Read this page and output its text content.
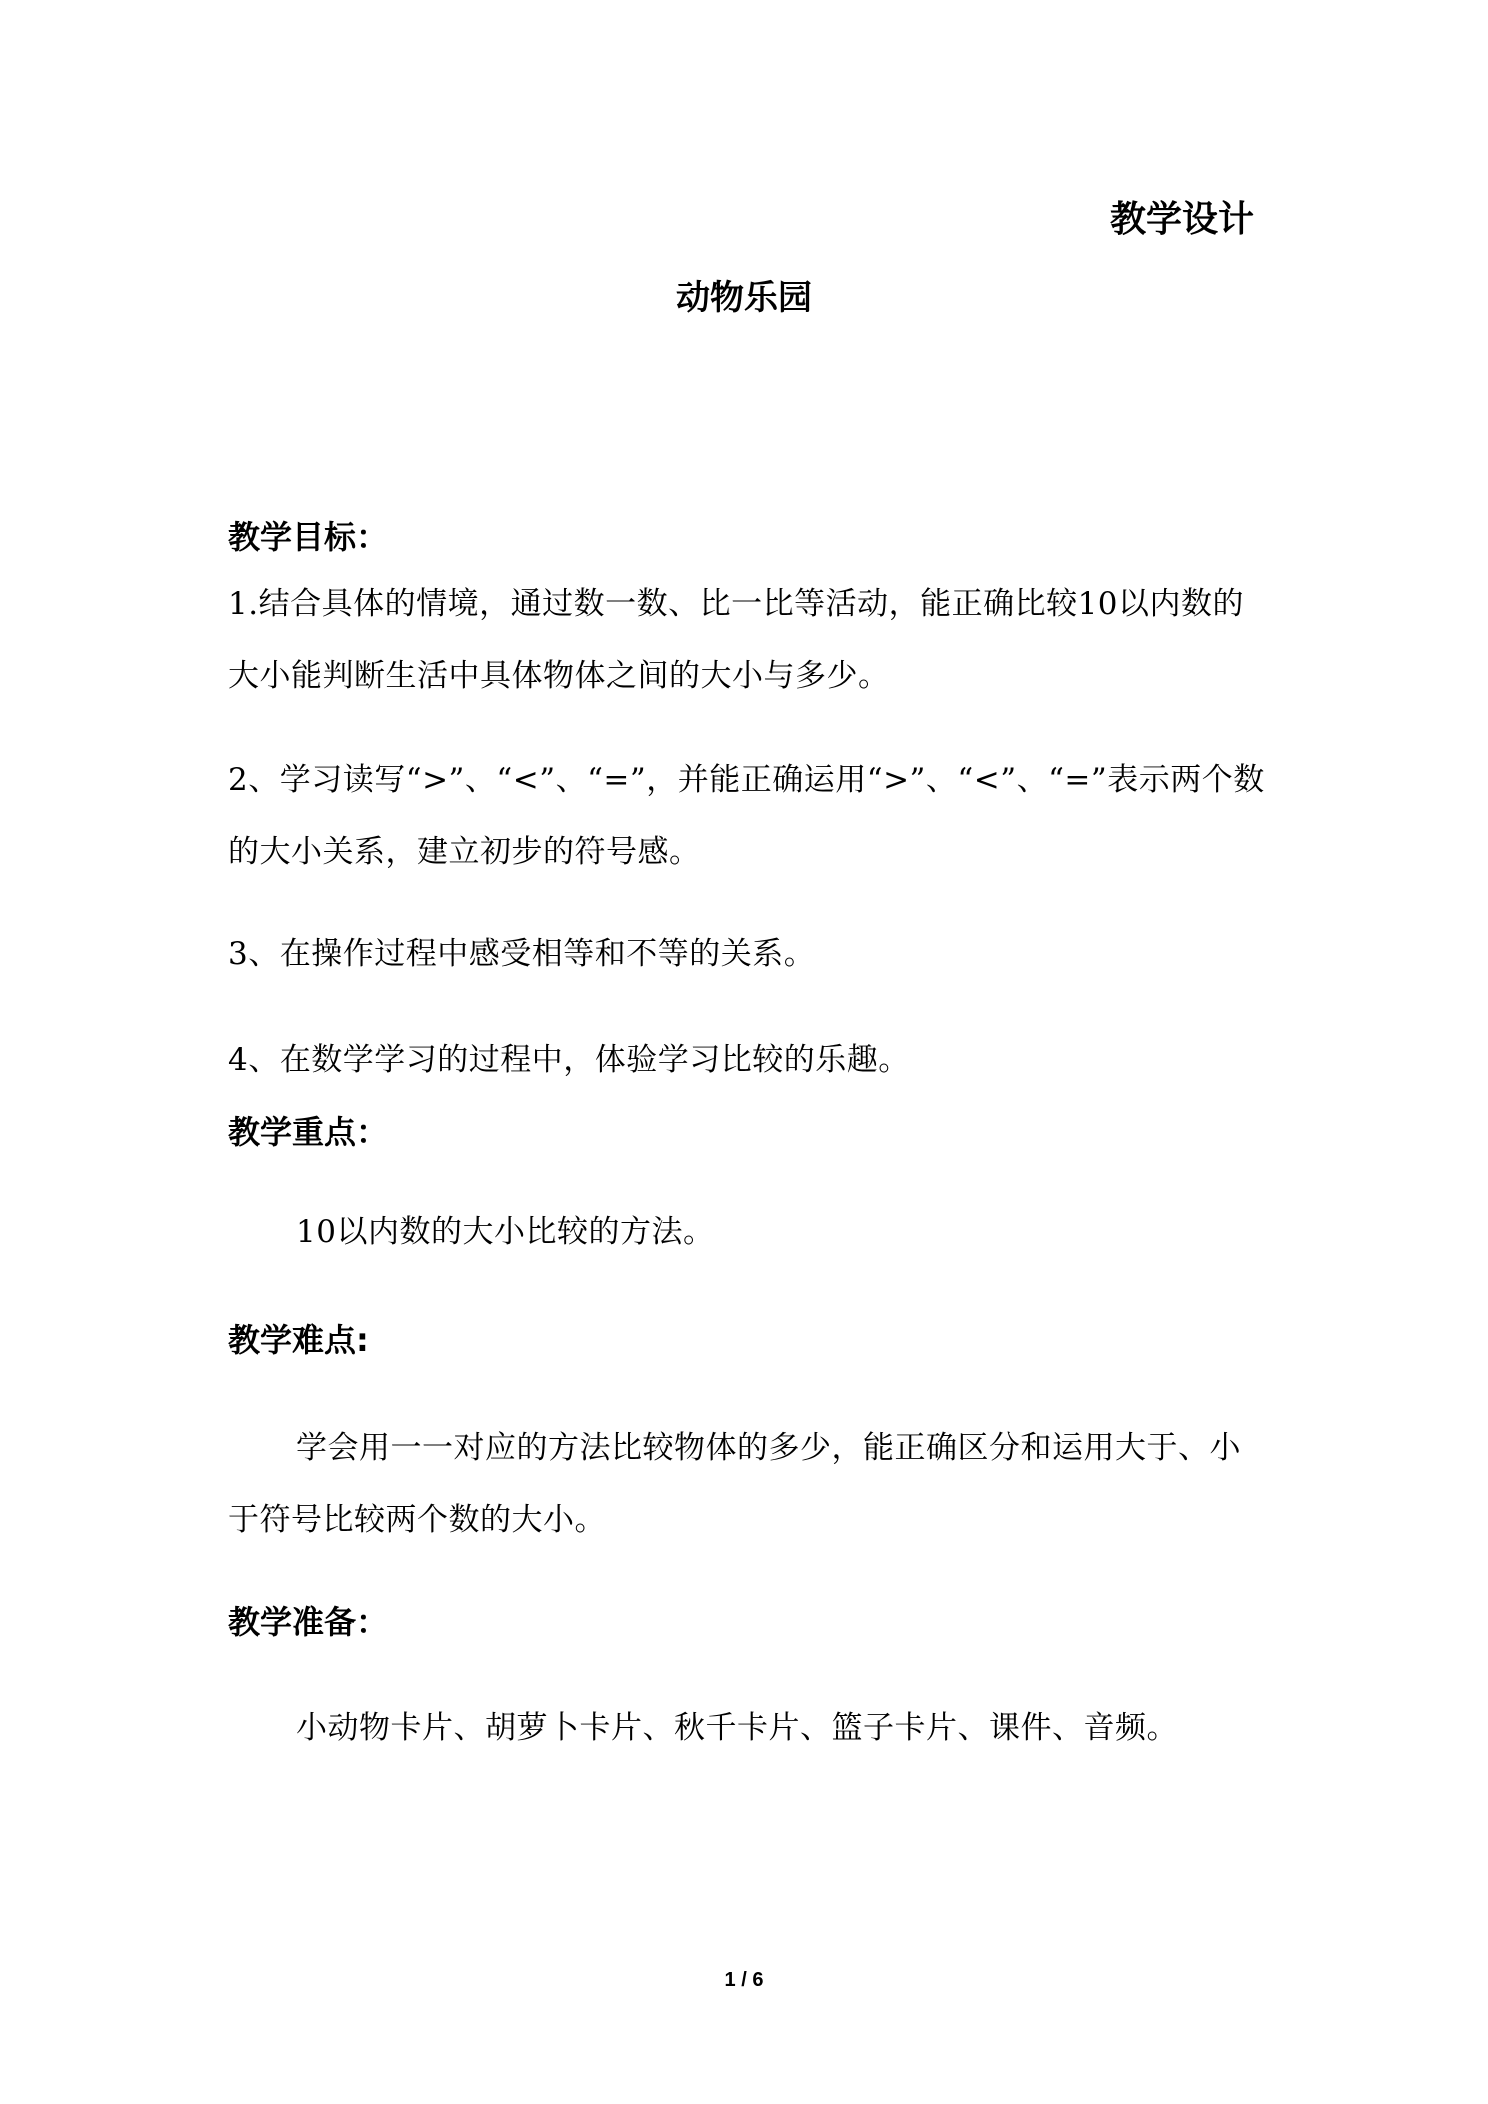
教学设计
动物乐园
教学目标：
1.结合具体的情境，通过数一数、比一比等活动，能正确比较10以内数的大小能判断生活中具体物体之间的大小与多少。
2、学习读写“>”、“<”、“=”，并能正确运用“>”、“<”、“=”表示两个数的大小关系，建立初步的符号感。
3、在操作过程中感受相等和不等的关系。
4、在数学学习的过程中，体验学习比较的乐趣。
教学重点：
10以内数的大小比较的方法。
教学难点:
学会用一一对应的方法比较物体的多少，能正确区分和运用大于、小于符号比较两个数的大小。
教学准备：
小动物卡片、胡萝卜卡片、秋千卡片、篮子卡片、课件、音频。
1 / 6
